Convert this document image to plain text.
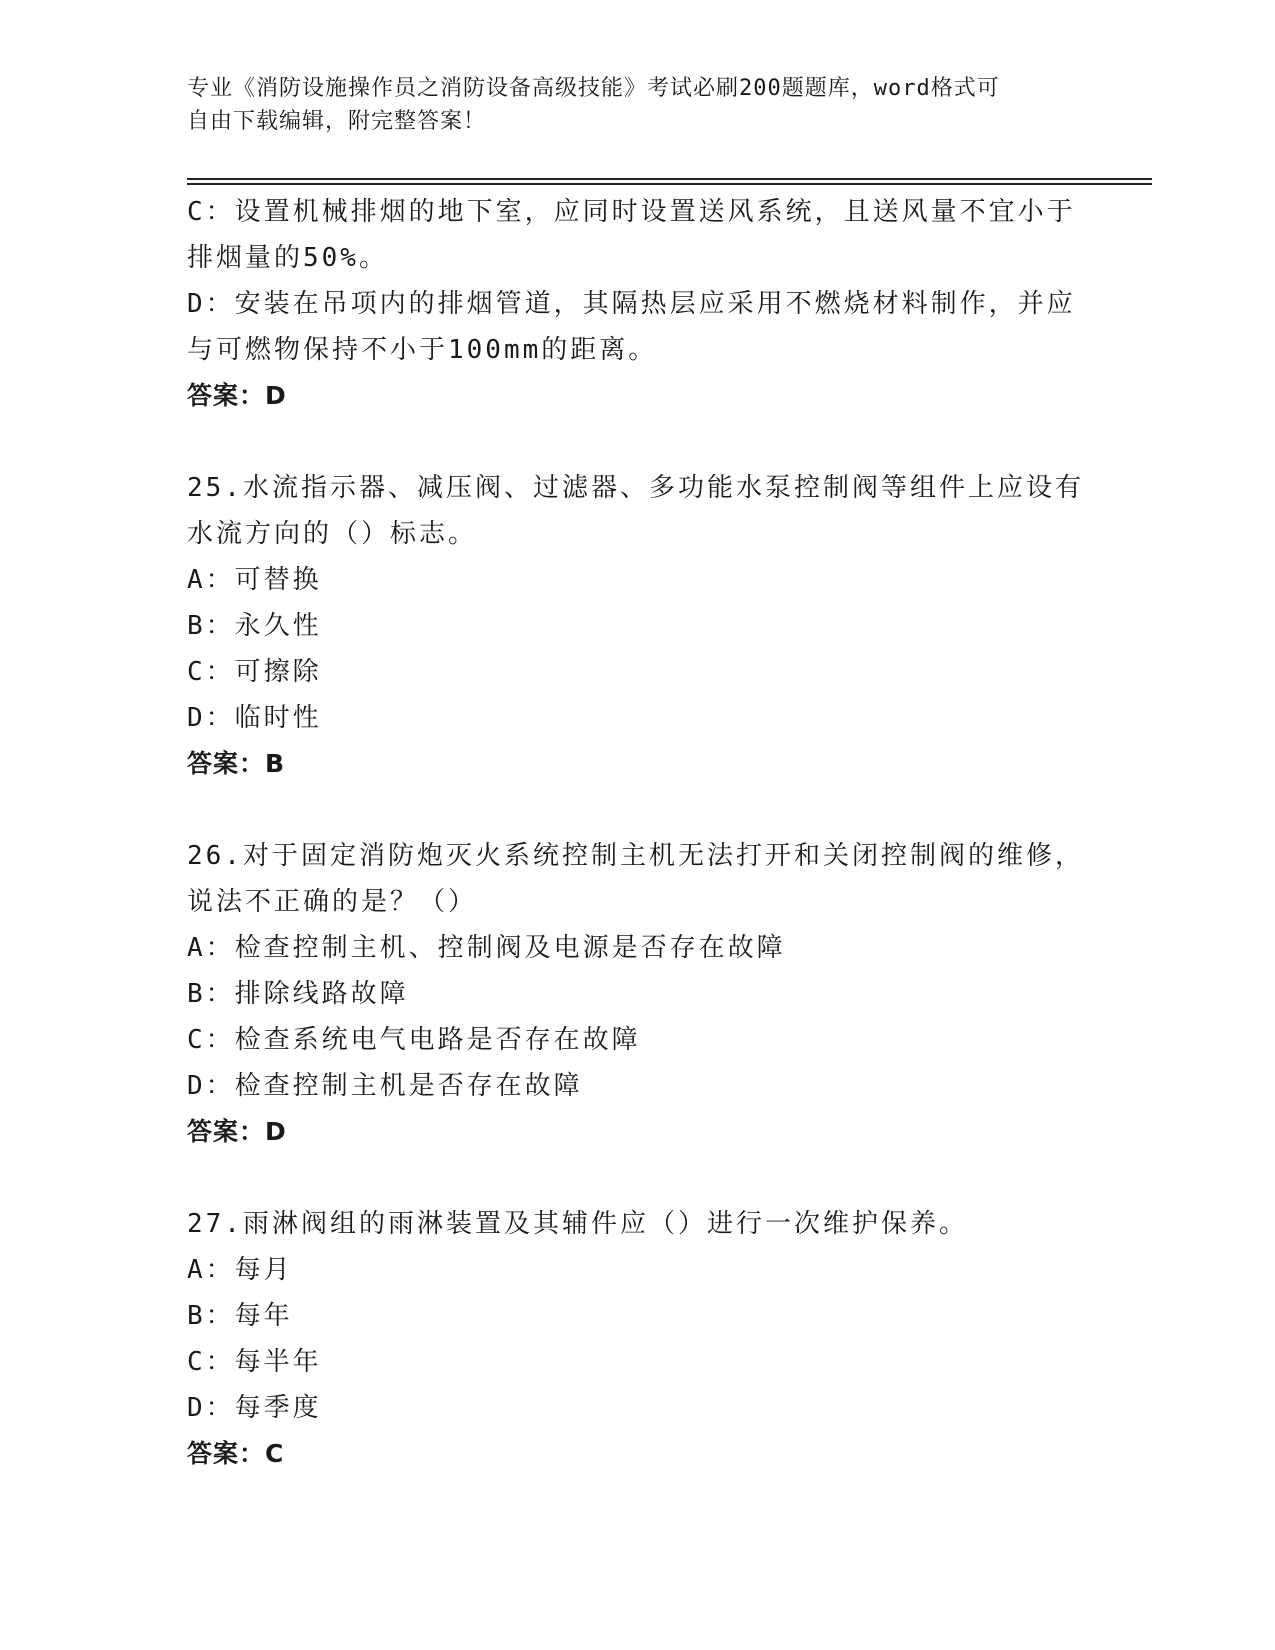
专业《消防设施操作员之消防设备高级技能》考试必刷200题题库，word格式可
自由下载编辑，附完整答案！
C：设置机械排烟的地下室，应同时设置送风系统，且送风量不宜小于
排烟量的50%。
D：安装在吊项内的排烟管道，其隔热层应采用不燃烧材料制作，并应
与可燃物保持不小于100mm的距离。
答案：D
25.水流指示器、减压阀、过滤器、多功能水泵控制阀等组件上应设有
水流方向的（）标志。
A：可替换
B：永久性
C：可擦除
D：临时性
答案：B
26.对于固定消防炮灭火系统控制主机无法打开和关闭控制阀的维修，
说法不正确的是？（）
A：检查控制主机、控制阀及电源是否存在故障
B：排除线路故障
C：检查系统电气电路是否存在故障
D：检查控制主机是否存在故障
答案：D
27.雨淋阀组的雨淋装置及其辅件应（）进行一次维护保养。
A：每月
B：每年
C：每半年
D：每季度
答案：C
